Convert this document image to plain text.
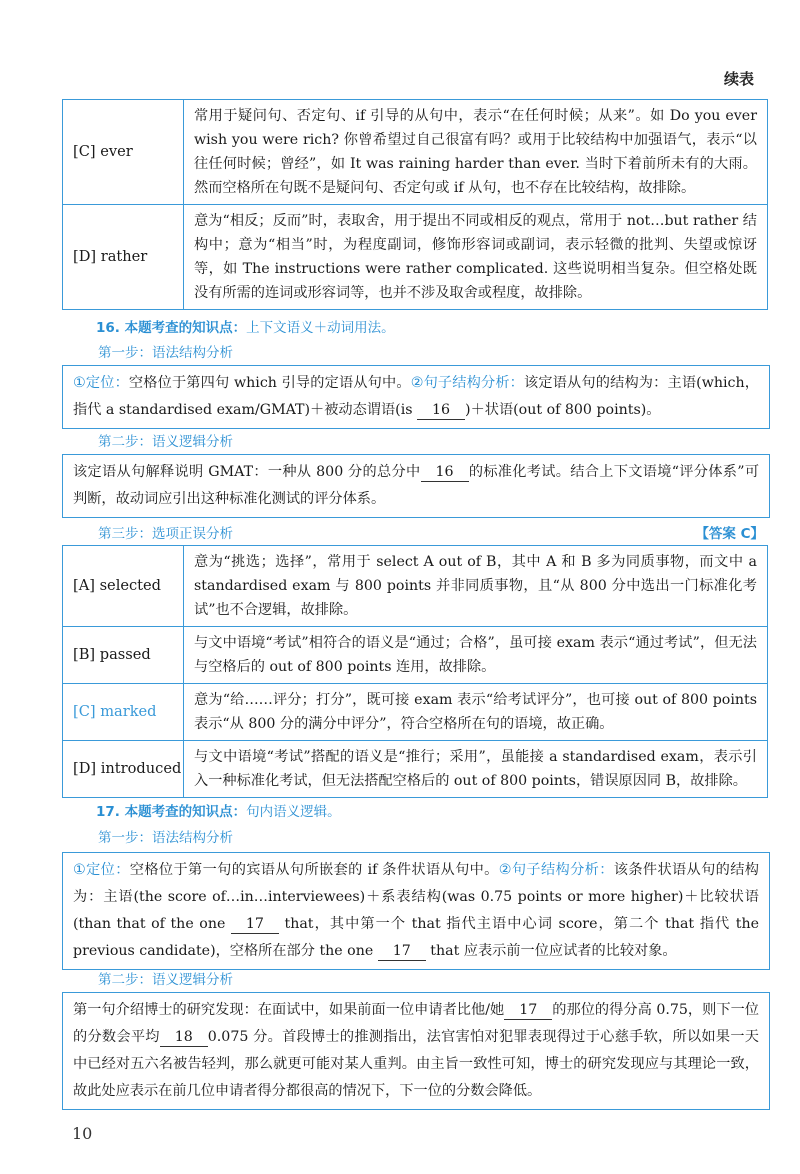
续表
[C] ever	常用于疑问句、否定句、if 引导的从句中，表示“在任何时候；从来”。如 Do you ever wish you were rich? 你曾希望过自己很富有吗？或用于比较结构中加强语气，表示“以往任何时候；曾经”，如 It was raining harder than ever. 当时下着前所未有的大雨。然而空格所在句既不是疑问句、否定句或 if 从句，也不存在比较结构，故排除。
[D] rather	意为“相反；反而”时，表取舍，用于提出不同或相反的观点，常用于 not…but rather 结构中；意为“相当”时，为程度副词，修饰形容词或副词，表示轻微的批判、失望或惊讶等，如 The instructions were rather complicated. 这些说明相当复杂。但空格处既没有所需的连词或形容词等，也并不涉及取舍或程度，故排除。
16. 本题考查的知识点：上下文语义＋动词用法。
第一步：语法结构分析
①定位：空格位于第四句 which 引导的定语从句中。②句子结构分析：该定语从句的结构为：主语(which，指代 a standardised exam/GMAT)＋被动态谓语(is 16 )＋状语(out of 800 points)。
第二步：语义逻辑分析
该定语从句解释说明 GMAT：一种从 800 分的总分中 16 的标准化考试。结合上下文语境“评分体系”可判断，故动词应引出这种标准化测试的评分体系。
第三步：选项正误分析	【答案 C】
[A] selected	意为“挑选；选择”，常用于 select A out of B，其中 A 和 B 多为同质事物，而文中 a standardised exam 与 800 points 并非同质事物，且“从 800 分中选出一门标准化考试”也不合逻辑，故排除。
[B] passed	与文中语境“考试”相符合的语义是“通过；合格”，虽可接 exam 表示“通过考试”，但无法与空格后的 out of 800 points 连用，故排除。
[C] marked	意为“给……评分；打分”，既可接 exam 表示“给考试评分”，也可接 out of 800 points 表示“从 800 分的满分中评分”，符合空格所在句的语境，故正确。
[D] introduced	与文中语境“考试”搭配的语义是“推行；采用”，虽能接 a standardised exam，表示引入一种标准化考试，但无法搭配空格后的 out of 800 points，错误原因同 B，故排除。
17. 本题考查的知识点：句内语义逻辑。
第一步：语法结构分析
①定位：空格位于第一句的宾语从句所嵌套的 if 条件状语从句中。②句子结构分析：该条件状语从句的结构为：主语(the score of…in…interviewees)＋系表结构(was 0.75 points or more higher)＋比较状语(than that of the one 17 that，其中第一个 that 指代主语中心词 score，第二个 that 指代 the previous candidate)，空格所在部分 the one 17 that 应表示前一位应试者的比较对象。
第二步：语义逻辑分析
第一句介绍博士的研究发现：在面试中，如果前面一位申请者比他/她 17 的那位的得分高 0.75，则下一位的分数会平均 18 0.075 分。首段博士的推测指出，法官害怕对犯罪表现得过于心慈手软，所以如果一天中已经对五六名被告轻判，那么就更可能对某人重判。由主旨一致性可知，博士的研究发现应与其理论一致，故此处应表示在前几位申请者得分都很高的情况下，下一位的分数会降低。
10
